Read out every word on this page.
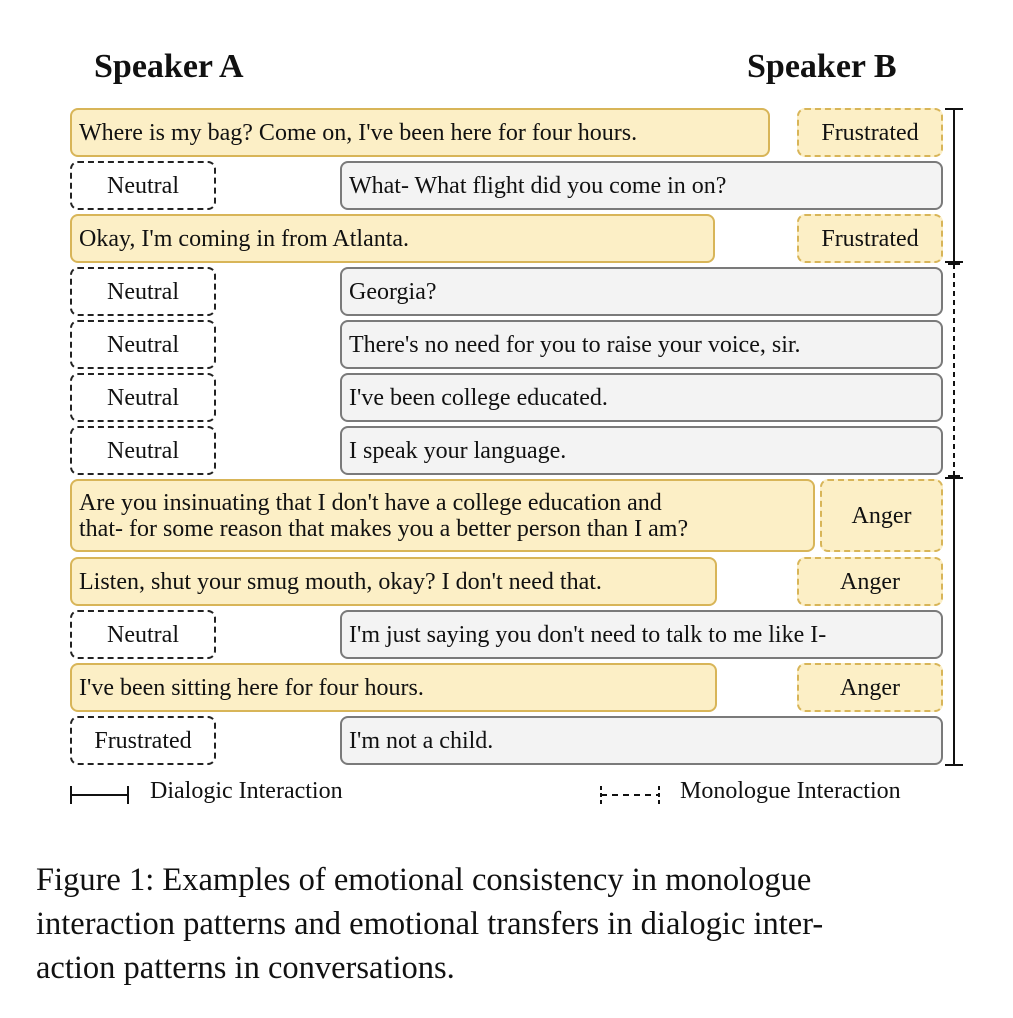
Speaker A	Speaker B
Where is my bag? Come on, I've been here for four hours.	Frustrated
Neutral	What- What flight did you come in on?
Okay, I'm coming in from Atlanta.	Frustrated
Neutral	Georgia?
Neutral	There's no need for you to raise your voice, sir.
Neutral	I've been college educated.
Neutral	I speak your language.
Are you insinuating that I don't have a college education and
that- for some reason that makes you a better person than I am?	Anger
Listen, shut your smug mouth, okay? I don't need that.	Anger
Neutral	I'm just saying you don't need to talk to me like I-
I've been sitting here for four hours.	Anger
Frustrated	I'm not a child.
Dialogic Interaction	Monologue Interaction
Figure 1: Examples of emotional consistency in monologue
interaction patterns and emotional transfers in dialogic inter-
action patterns in conversations.
